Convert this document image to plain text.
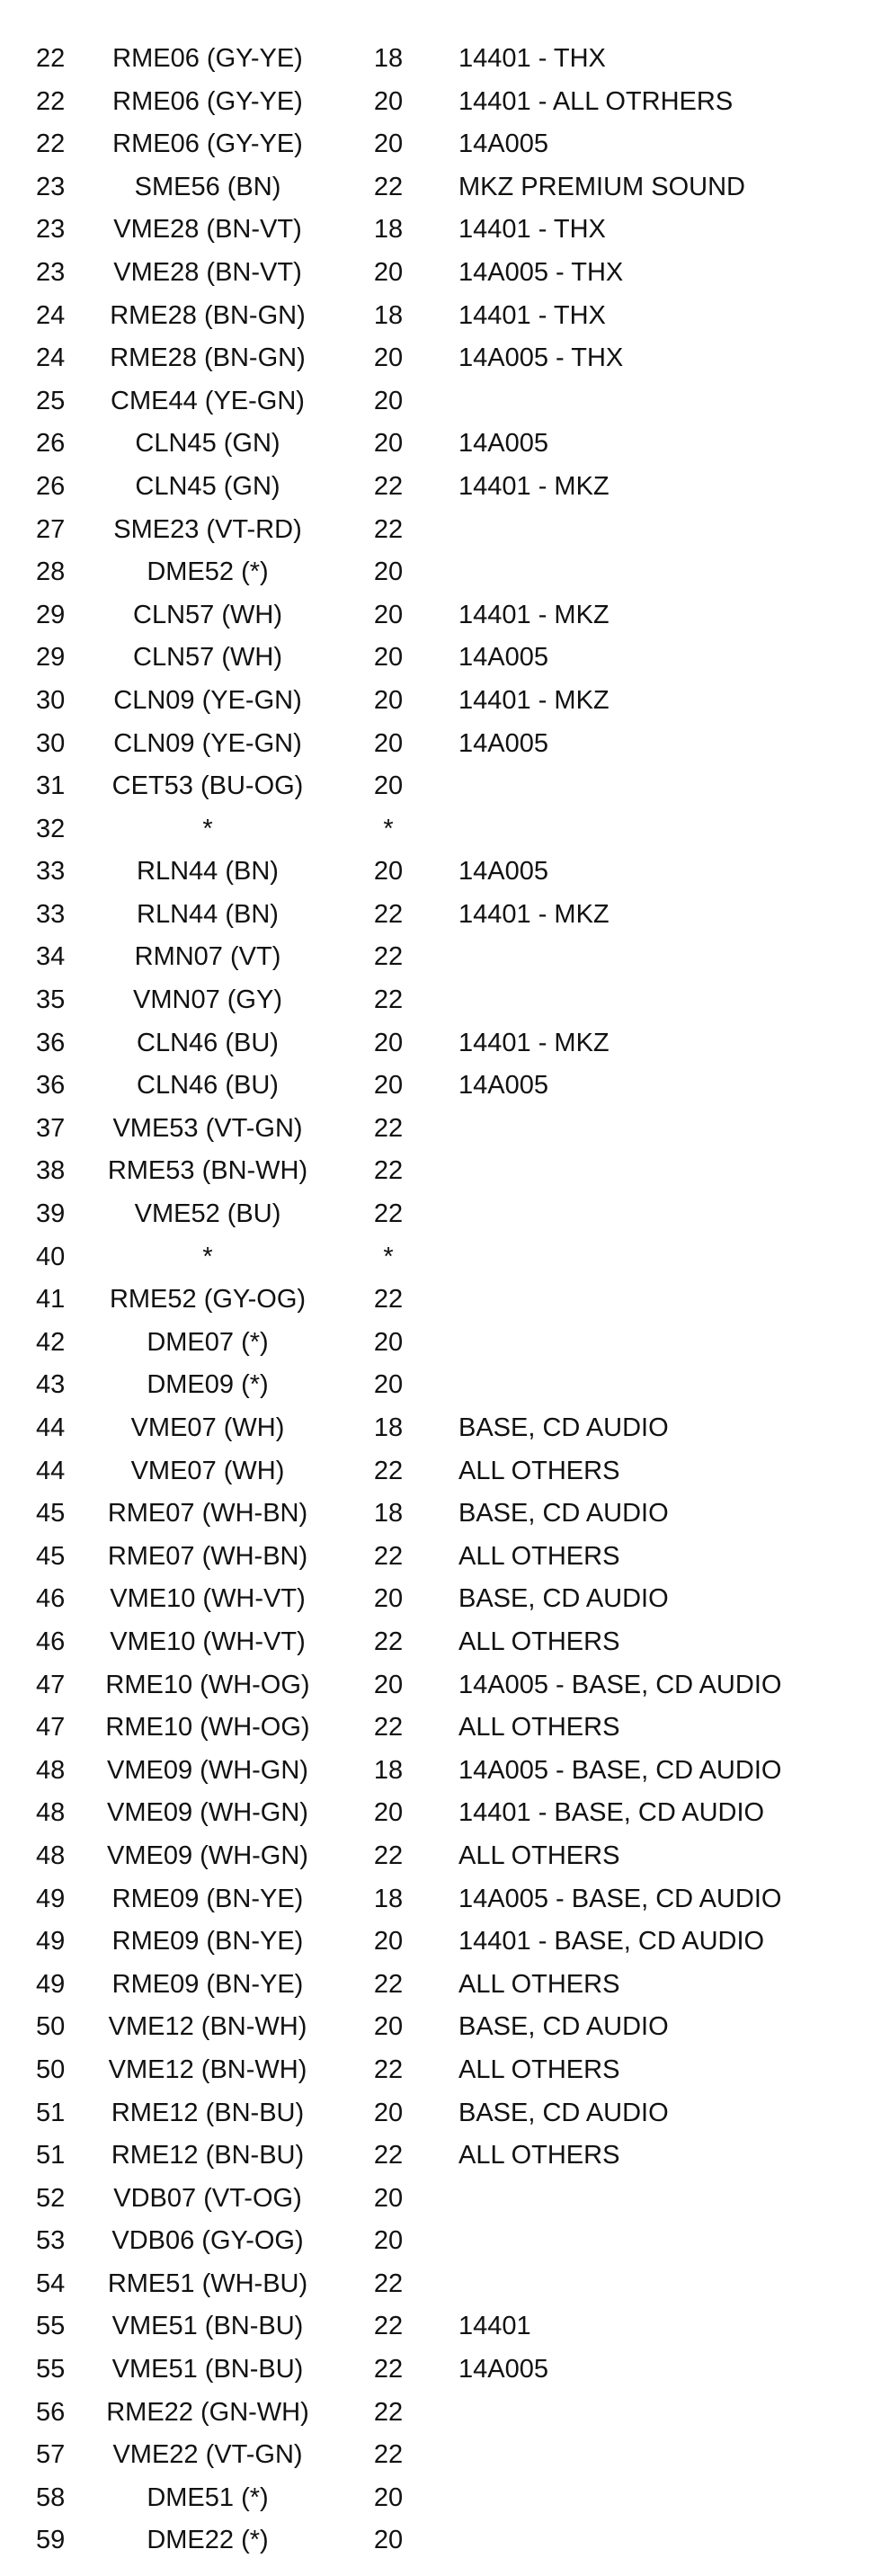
22	RME06 (GY-YE)	18	14401 - THX
22	RME06 (GY-YE)	20	14401 - ALL OTRHERS
22	RME06 (GY-YE)	20	14A005
23	SME56 (BN)	22	MKZ PREMIUM SOUND
23	VME28 (BN-VT)	18	14401 - THX
23	VME28 (BN-VT)	20	14A005 - THX
24	RME28 (BN-GN)	18	14401 - THX
24	RME28 (BN-GN)	20	14A005 - THX
25	CME44 (YE-GN)	20
26	CLN45 (GN)	20	14A005
26	CLN45 (GN)	22	14401 - MKZ
27	SME23 (VT-RD)	22
28	DME52 (*)	20
29	CLN57 (WH)	20	14401 - MKZ
29	CLN57 (WH)	20	14A005
30	CLN09 (YE-GN)	20	14401 - MKZ
30	CLN09 (YE-GN)	20	14A005
31	CET53 (BU-OG)	20
32	*	*
33	RLN44 (BN)	20	14A005
33	RLN44 (BN)	22	14401 - MKZ
34	RMN07 (VT)	22
35	VMN07 (GY)	22
36	CLN46 (BU)	20	14401 - MKZ
36	CLN46 (BU)	20	14A005
37	VME53 (VT-GN)	22
38	RME53 (BN-WH)	22
39	VME52 (BU)	22
40	*	*
41	RME52 (GY-OG)	22
42	DME07 (*)	20
43	DME09 (*)	20
44	VME07 (WH)	18	BASE, CD AUDIO
44	VME07 (WH)	22	ALL OTHERS
45	RME07 (WH-BN)	18	BASE, CD AUDIO
45	RME07 (WH-BN)	22	ALL OTHERS
46	VME10 (WH-VT)	20	BASE, CD AUDIO
46	VME10 (WH-VT)	22	ALL OTHERS
47	RME10 (WH-OG)	20	14A005 - BASE, CD AUDIO
47	RME10 (WH-OG)	22	ALL OTHERS
48	VME09 (WH-GN)	18	14A005 - BASE, CD AUDIO
48	VME09 (WH-GN)	20	14401 - BASE, CD AUDIO
48	VME09 (WH-GN)	22	ALL OTHERS
49	RME09 (BN-YE)	18	14A005 - BASE, CD AUDIO
49	RME09 (BN-YE)	20	14401 - BASE, CD AUDIO
49	RME09 (BN-YE)	22	ALL OTHERS
50	VME12 (BN-WH)	20	BASE, CD AUDIO
50	VME12 (BN-WH)	22	ALL OTHERS
51	RME12 (BN-BU)	20	BASE, CD AUDIO
51	RME12 (BN-BU)	22	ALL OTHERS
52	VDB07 (VT-OG)	20
53	VDB06 (GY-OG)	20
54	RME51 (WH-BU)	22
55	VME51 (BN-BU)	22	14401
55	VME51 (BN-BU)	22	14A005
56	RME22 (GN-WH)	22
57	VME22 (VT-GN)	22
58	DME51 (*)	20
59	DME22 (*)	20
